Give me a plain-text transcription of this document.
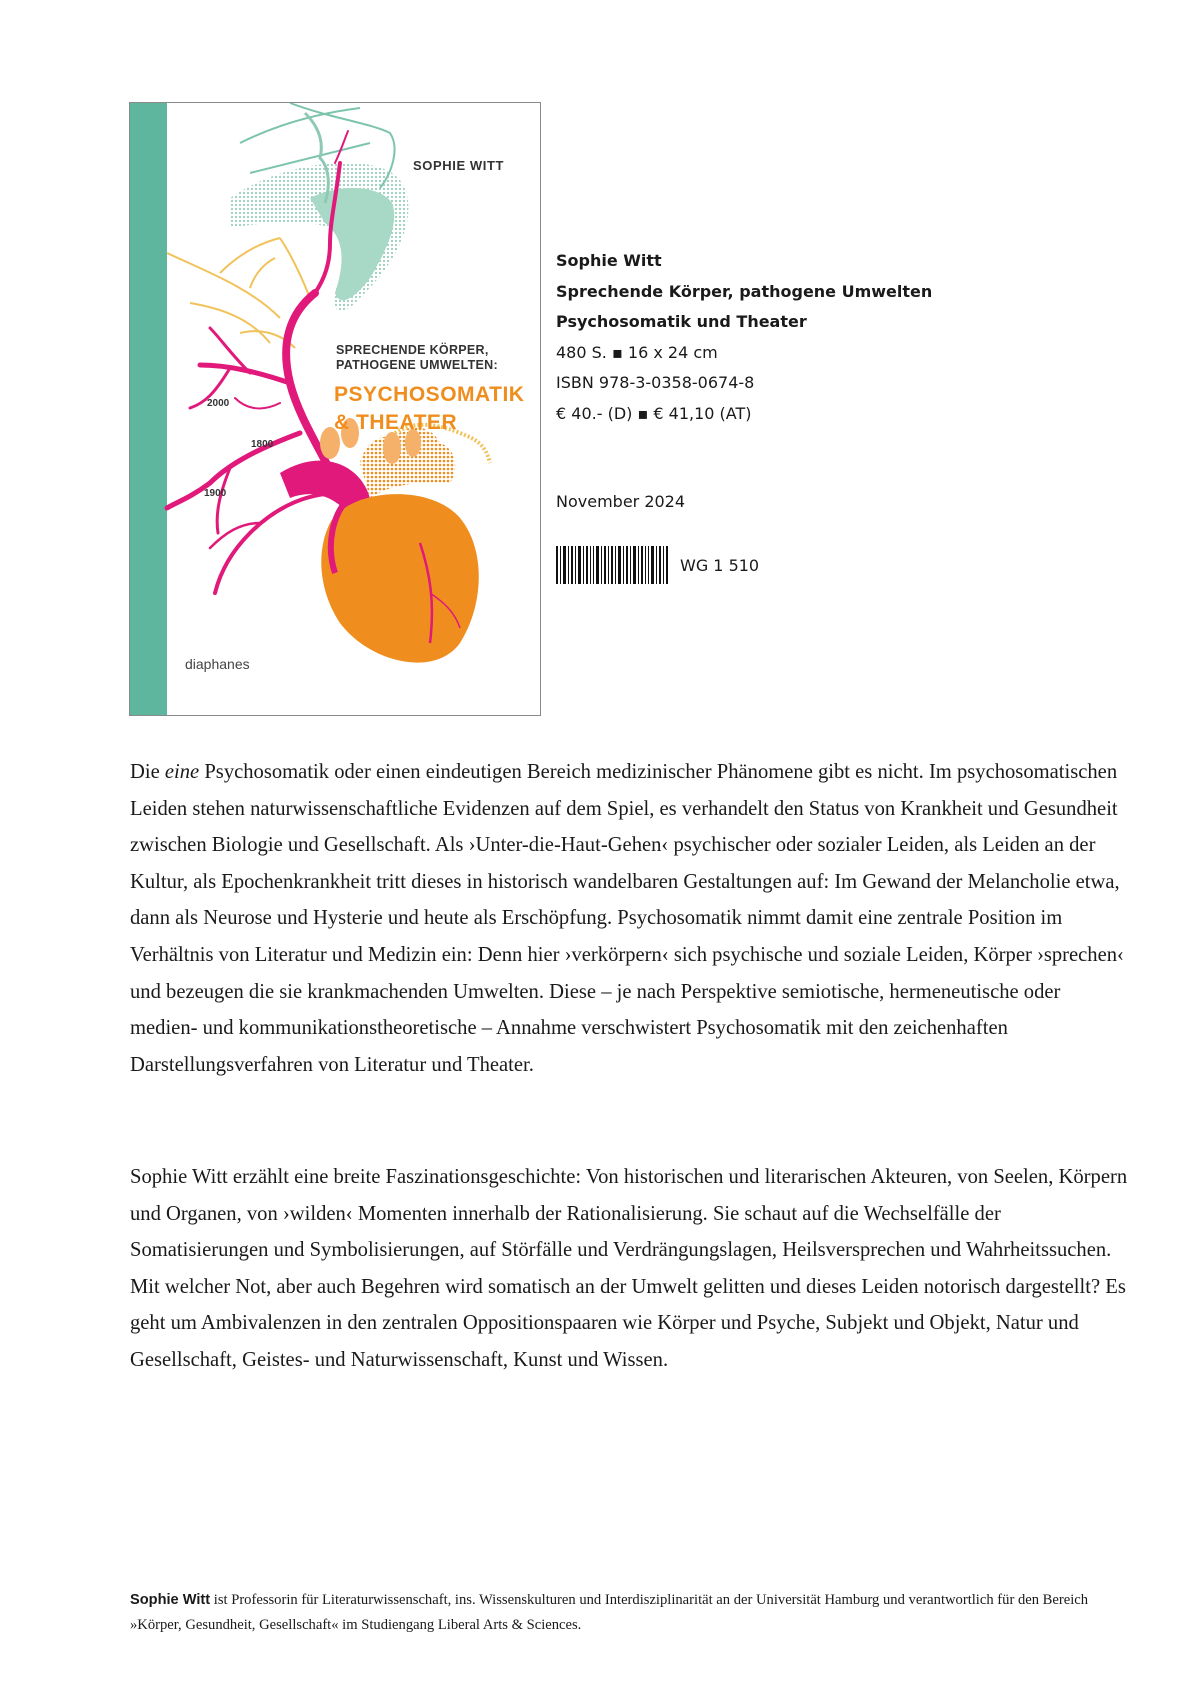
SOPHIE WITT
SPRECHENDE KÖRPER,
PATHOGENE UMWELTEN:
PSYCHOSOMATIK
& THEATER
2000
1800
1900
diaphanes
Sophie Witt
Sprechende Körper, pathogene Umwelten
Psychosomatik und Theater
480 S. ▪ 16 x 24 cm
ISBN 978-3-0358-0674-8
€ 40.- (D) ▪ € 41,10 (AT)
November 2024
WG 1 510

Die eine Psychosomatik oder einen eindeutigen Bereich medizinischer Phänomene gibt es nicht. Im psychosomatischen Leiden stehen naturwissenschaftliche Evidenzen auf dem Spiel, es verhandelt den Status von Krankheit und Gesundheit zwischen Biologie und Gesellschaft. Als ›Unter-die-Haut-Gehen‹ psychischer oder sozialer Leiden, als Leiden an der Kultur, als Epochenkrankheit tritt dieses in historisch wandelbaren Gestaltungen auf: Im Gewand der Melancholie etwa, dann als Neurose und Hysterie und heute als Erschöpfung. Psychosomatik nimmt damit eine zentrale Position im Verhältnis von Literatur und Medizin ein: Denn hier ›verkörpern‹ sich psychische und soziale Leiden, Körper ›sprechen‹ und bezeugen die sie krankmachenden Umwelten. Diese – je nach Perspektive semiotische, hermeneutische oder medien- und kommunikationstheoretische – Annahme verschwistert Psychosomatik mit den zeichenhaften Darstellungsverfahren von Literatur und Theater.

Sophie Witt erzählt eine breite Faszinationsgeschichte: Von historischen und literarischen Akteuren, von Seelen, Körpern und Organen, von ›wilden‹ Momenten innerhalb der Rationalisierung. Sie schaut auf die Wechselfälle der Somatisierungen und Symbolisierungen, auf Störfälle und Verdrängungslagen, Heilsversprechen und Wahrheitssuchen. Mit welcher Not, aber auch Begehren wird somatisch an der Umwelt gelitten und dieses Leiden notorisch dargestellt? Es geht um Ambivalenzen in den zentralen Oppositionspaaren wie Körper und Psyche, Subjekt und Objekt, Natur und Gesellschaft, Geistes- und Naturwissenschaft, Kunst und Wissen.

Sophie Witt ist Professorin für Literaturwissenschaft, ins. Wissenskulturen und Interdisziplinarität an der Universität Hamburg und verantwortlich für den Bereich »Körper, Gesundheit, Gesellschaft« im Studiengang Liberal Arts & Sciences.
